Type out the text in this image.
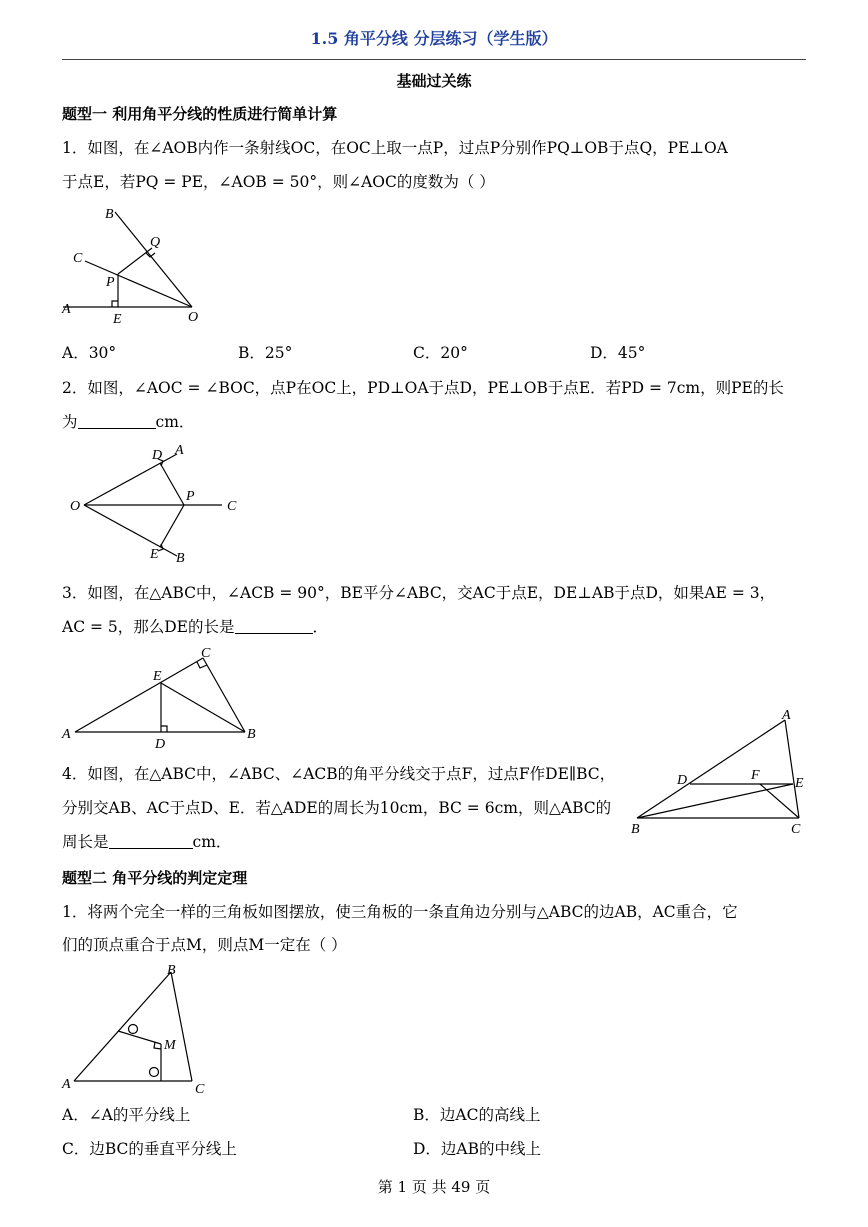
1.5 角平分线 分层练习（学生版）
基础过关练
题型一 利用角平分线的性质进行简单计算
1．如图，在∠AOB内作一条射线OC，在OC上取一点P，过点P分别作PQ⊥OB于点Q，PE⊥OA
于点E，若PQ = PE，∠AOB = 50°，则∠AOC的度数为（ ）
B
Q
C
P
A
E	O
A．30°	B．25°	C．20°	D．45°
2．如图，∠AOC = ∠BOC，点P在OC上，PD⊥OA于点D，PE⊥OB于点E．若PD = 7cm，则PE的长
为	cm．
D A
O
P
C
E B
3．如图，在△ABC中，∠ACB = 90°，BE平分∠ABC，交AC于点E，DE⊥AB于点D，如果AE = 3，
AC = 5，那么DE的长是	．
C
E
A
D
B
4．如图，在△ABC中，∠ABC、∠ACB的角平分线交于点F，过点F作DE∥BC，
分别交AB、AC于点D、E．若△ADE的周长为10cm，BC = 6cm，则△ABC的
周长是	cm．
A
D	F
E
B	C
题型二 角平分线的判定定理
1．将两个完全一样的三角板如图摆放，使三角板的一条直角边分别与△ABC的边AB，AC重合，它
们的顶点重合于点M，则点M一定在（ ）
B
M
A	C
A．∠A的平分线上	B．边AC的高线上
C．边BC的垂直平分线上	D．边AB的中线上
第 1 页 共 49 页
